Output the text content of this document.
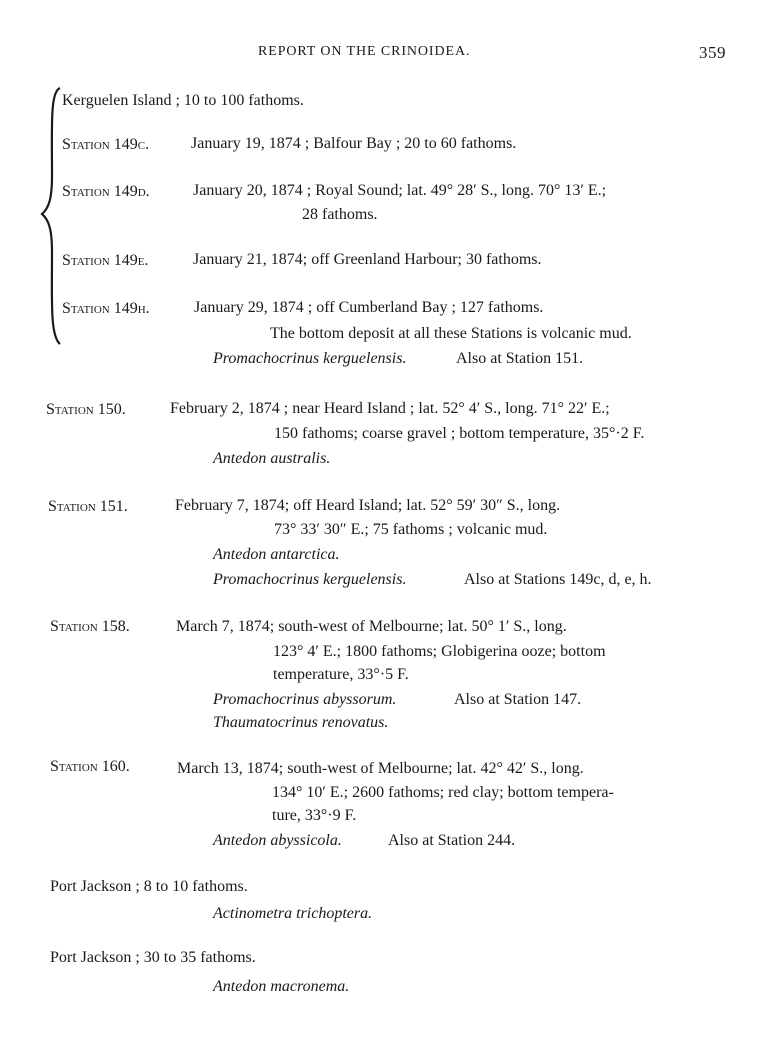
REPORT ON THE CRINOIDEA.	359
Kerguelen Island ; 10 to 100 fathoms.
Station 149c.	January 19, 1874 ; Balfour Bay ; 20 to 60 fathoms.
Station 149d.	January 20, 1874 ; Royal Sound; lat. 49° 28′ S., long. 70° 13′ E.;
28 fathoms.
Station 149e.	January 21, 1874; off Greenland Harbour; 30 fathoms.
Station 149h.	January 29, 1874 ; off Cumberland Bay ; 127 fathoms.
The bottom deposit at all these Stations is volcanic mud.
Promachocrinus kerguelensis.	Also at Station 151.
Station 150.	February 2, 1874 ; near Heard Island ; lat. 52° 4′ S., long. 71° 22′ E.;
150 fathoms; coarse gravel ; bottom temperature, 35°·2 F.
Antedon australis.
Station 151.	February 7, 1874; off Heard Island; lat. 52° 59′ 30″ S., long.
73° 33′ 30″ E.; 75 fathoms ; volcanic mud.
Antedon antarctica.
Promachocrinus kerguelensis.	Also at Stations 149c, d, e, h.
Station 158.	March 7, 1874; south-west of Melbourne; lat. 50° 1′ S., long.
123° 4′ E.; 1800 fathoms; Globigerina ooze; bottom
temperature, 33°·5 F.
Promachocrinus abyssorum.	Also at Station 147.
Thaumatocrinus renovatus.
Station 160.	March 13, 1874; south-west of Melbourne; lat. 42° 42′ S., long.
134° 10′ E.; 2600 fathoms; red clay; bottom tempera-
ture, 33°·9 F.
Antedon abyssicola.	Also at Station 244.
Port Jackson ; 8 to 10 fathoms.
Actinometra trichoptera.
Port Jackson ; 30 to 35 fathoms.
Antedon macronema.
